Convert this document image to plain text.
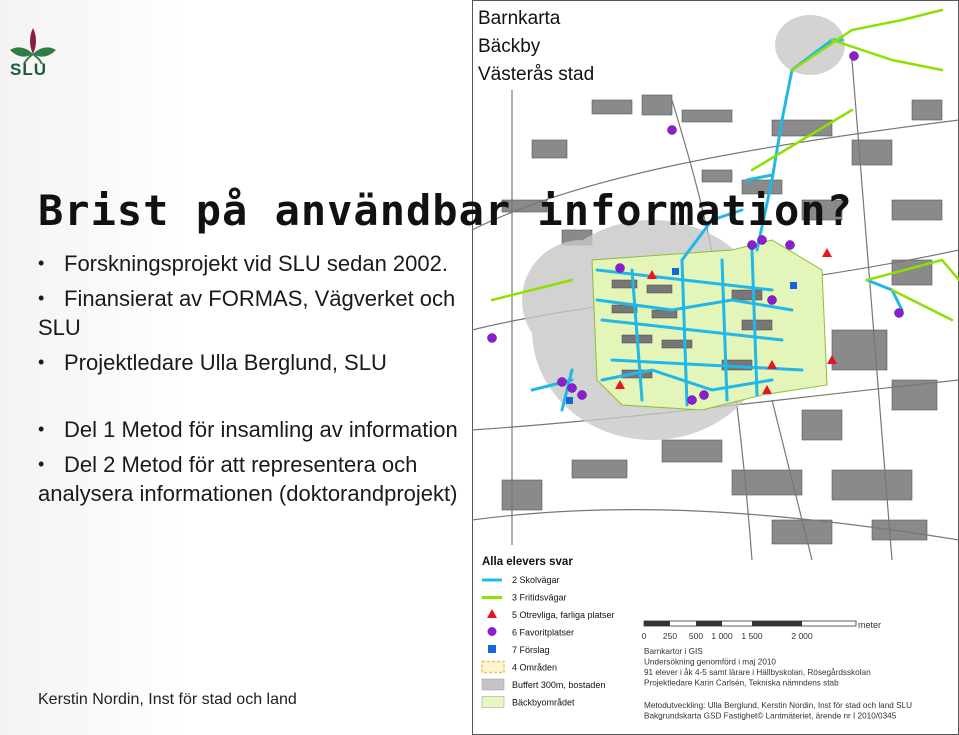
SLU
Barnkarta
Bäckby
Västerås stad
Alla elevers svar
2 Skolvägar
3 Fritidsvägar
5 Otrevliga, farliga platser
6 Favoritplatser
7 Förslag
4 Områden
Buffert 300m, bostaden
Bäckbyområdet
meter
0 250 500 1 000 1 500	2 000
Barnkartor i GIS
Undersökning genomförd i maj 2010
91 elever i åk 4-5 samt lärare i Hällbyskolan, Rösegårdsskolan
Projektledare Karin Carlsén, Tekniska nämndens stab
Metodutveckling: Ulla Berglund, Kerstin Nordin, Inst för stad och land SLU
Bakgrundskarta GSD Fastighet© Lantmäteriet, ärende nr I 2010/0345
Brist på användbar information?
• Forskningsprojekt vid SLU sedan 2002.
• Finansierat av FORMAS, Vägverket och SLU
• Projektledare Ulla Berglund, SLU
• Del 1 Metod för insamling av information
• Del 2 Metod för att representera och analysera informationen (doktorandprojekt)
Kerstin Nordin, Inst för stad och land
